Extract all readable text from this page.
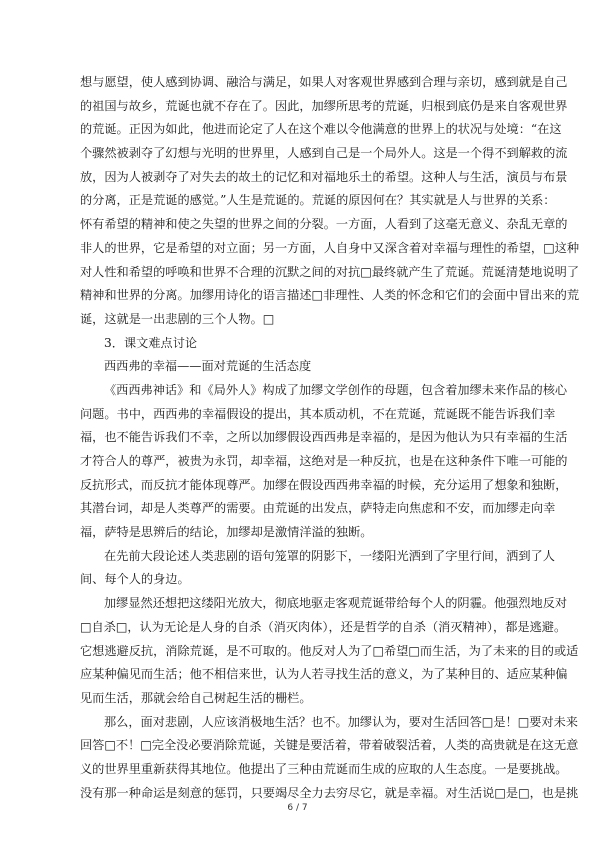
想与愿望，使人感到协调、融洽与满足，如果人对客观世界感到合理与亲切，感到就是自己
的祖国与故乡，荒诞也就不存在了。因此，加缪所思考的荒诞，归根到底仍是来自客观世界
的荒诞。正因为如此，他进而论定了人在这个难以令他满意的世界上的状况与处境：“在这
个骤然被剥夺了幻想与光明的世界里，人感到自己是一个局外人。这是一个得不到解救的流
放，因为人被剥夺了对失去的故土的记忆和对福地乐土的希望。这种人与生活，演员与布景
的分离，正是荒诞的感觉。”人生是荒诞的。荒诞的原因何在？其实就是人与世界的关系：
怀有希望的精神和使之失望的世界之间的分裂。一方面，人看到了这毫无意义、杂乱无章的
非人的世界，它是希望的对立面；另一方面，人自身中又深含着对幸福与理性的希望，□这种
对人性和希望的呼唤和世界不合理的沉默之间的对抗□最终就产生了荒诞。荒诞清楚地说明了
精神和世界的分离。加缪用诗化的语言描述□非理性、人类的怀念和它们的会面中冒出来的荒
诞，这就是一出悲剧的三个人物。□
3．课文难点讨论
西西弗的幸福——面对荒诞的生活态度
《西西弗神话》和《局外人》构成了加缪文学创作的母题，包含着加缪未来作品的核心
问题。书中，西西弗的幸福假设的提出，其本质动机，不在荒诞，荒诞既不能告诉我们幸
福，也不能告诉我们不幸，之所以加缪假设西西弗是幸福的，是因为他认为只有幸福的生活
才符合人的尊严，被贵为永罚，却幸福，这绝对是一种反抗，也是在这种条件下唯一可能的
反抗形式，而反抗才能体现尊严。加缪在假设西西弗幸福的时候，充分运用了想象和独断，
其潜台词，却是人类尊严的需要。由荒诞的出发点，萨特走向焦虑和不安，而加缪走向幸
福，萨特是思辨后的结论，加缪却是激情洋溢的独断。
在先前大段论述人类悲剧的语句笼罩的阴影下，一缕阳光洒到了字里行间，洒到了人
间、每个人的身边。
加缪显然还想把这缕阳光放大，彻底地驱走客观荒诞带给每个人的阴霾。他强烈地反对
□自杀□，认为无论是人身的自杀（消灭肉体），还是哲学的自杀（消灭精神），都是逃避。
它想逃避反抗，消除荒诞，是不可取的。他反对人为了□希望□而生活，为了未来的目的或适
应某种偏见而生活；他不相信来世，认为人若寻找生活的意义，为了某种目的、适应某种偏
见而生活，那就会给自己树起生活的栅栏。
那么，面对悲剧，人应该消极地生活？也不。加缪认为，要对生活回答□是！□要对未来
回答□不！□完全没必要消除荒诞，关键是要活着，带着破裂活着，人类的高贵就是在这无意
义的世界里重新获得其地位。他提出了三种由荒诞而生成的应取的人生态度。一是要挑战。
没有那一种命运是刻意的惩罚，只要竭尽全力去穷尽它，就是幸福。对生活说□是□，也是挑
6 / 7
